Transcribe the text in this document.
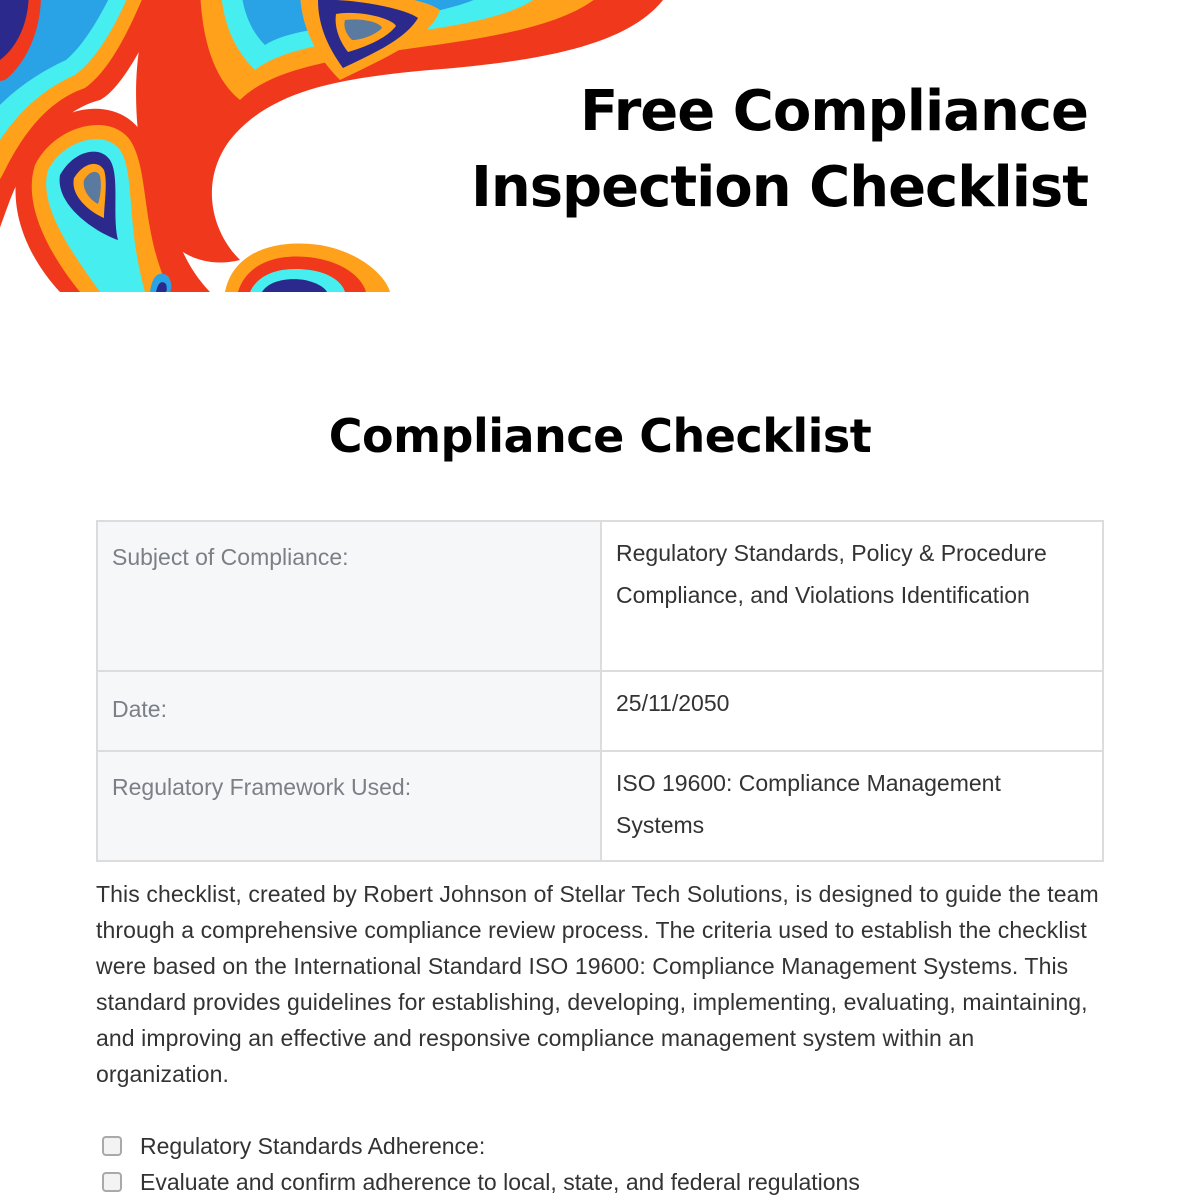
Free Compliance
Inspection Checklist
Compliance Checklist
Subject of Compliance:	Regulatory Standards, Policy & Procedure Compliance, and Violations Identification
Date:	25/11/2050
Regulatory Framework Used:	ISO 19600: Compliance Management Systems

This checklist, created by Robert Johnson of Stellar Tech Solutions, is designed to guide the team through a comprehensive compliance review process. The criteria used to establish the checklist were based on the International Standard ISO 19600: Compliance Management Systems. This standard provides guidelines for establishing, developing, implementing, evaluating, maintaining, and improving an effective and responsive compliance management system within an organization.

Regulatory Standards Adherence:
Evaluate and confirm adherence to local, state, and federal regulations
